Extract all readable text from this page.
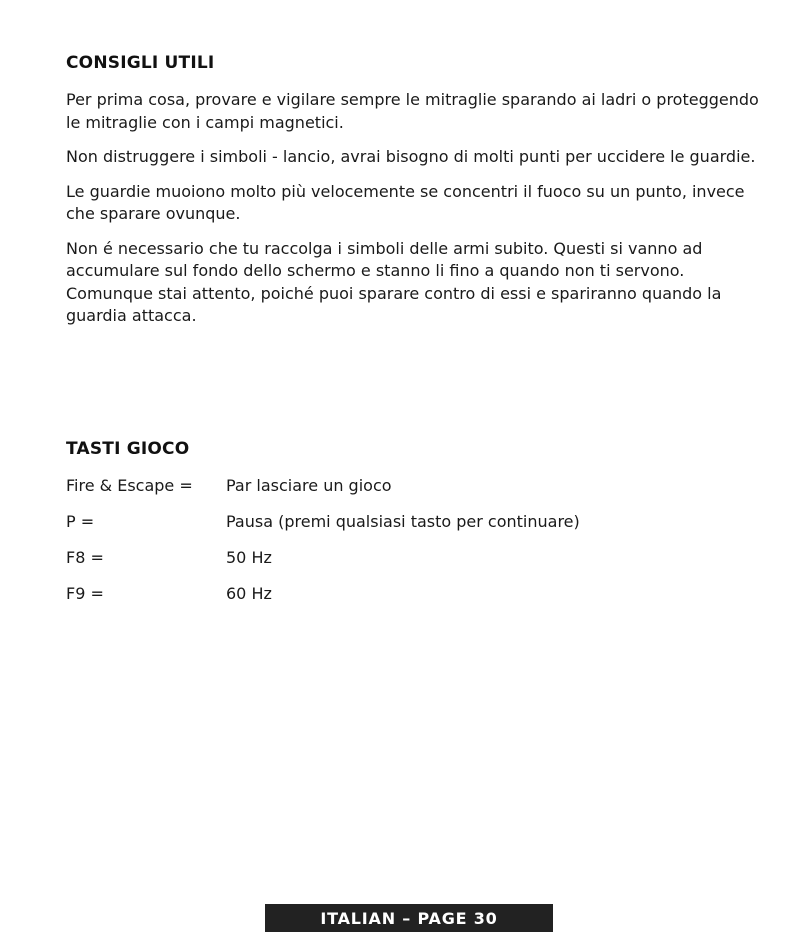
CONSIGLI UTILI

Per prima cosa, provare e vigilare sempre le mitraglie sparando ai ladri o proteggendo le mitraglie con i campi magnetici.

Non distruggere i simboli - lancio, avrai bisogno di molti punti per uccidere le guardie.

Le guardie muoiono molto più velocemente se concentri il fuoco su un punto, invece che sparare ovunque.

Non é necessario che tu raccolga i simboli delle armi subito. Questi si vanno ad accumulare sul fondo dello schermo e stanno li fino a quando non ti servono. Comunque stai attento, poiché puoi sparare contro di essi e spariranno quando la guardia attacca.

TASTI GIOCO
Fire & Escape =	Par lasciare un gioco
P =	Pausa (premi qualsiasi tasto per continuare)
F8 =	50 Hz
F9 =	60 Hz
ITALIAN – PAGE 30
